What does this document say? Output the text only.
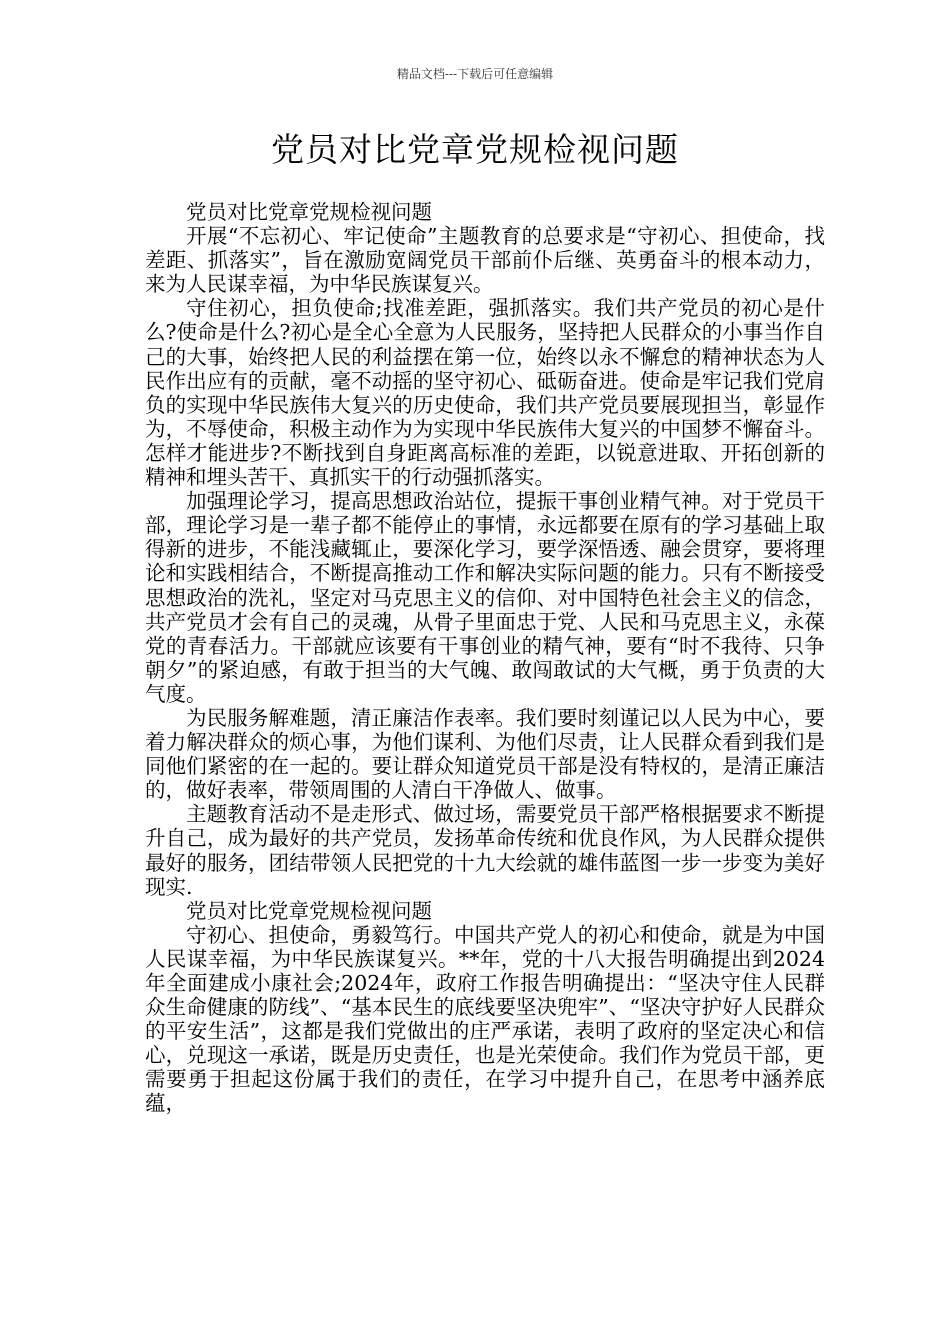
精品文档---下载后可任意编辑
党员对比党章党规检视问题

党员对比党章党规检视问题

开展“不忘初心、牢记使命”主题教育的总要求是“守初心、担使命，找差距、抓落实”，旨在激励宽阔党员干部前仆后继、英勇奋斗的根本动力，来为人民谋幸福，为中华民族谋复兴。

守住初心，担负使命;找准差距，强抓落实。我们共产党员的初心是什么?使命是什么?初心是全心全意为人民服务，坚持把人民群众的小事当作自己的大事，始终把人民的利益摆在第一位，始终以永不懈怠的精神状态为人民作出应有的贡献，毫不动摇的坚守初心、砥砺奋进。使命是牢记我们党肩负的实现中华民族伟大复兴的历史使命，我们共产党员要展现担当，彰显作为，不辱使命，积极主动作为为实现中华民族伟大复兴的中国梦不懈奋斗。怎样才能进步?不断找到自身距离高标准的差距，以锐意进取、开拓创新的精神和埋头苦干、真抓实干的行动强抓落实。

加强理论学习，提高思想政治站位，提振干事创业精气神。对于党员干部，理论学习是一辈子都不能停止的事情，永远都要在原有的学习基础上取得新的进步，不能浅藏辄止，要深化学习，要学深悟透、融会贯穿，要将理论和实践相结合，不断提高推动工作和解决实际问题的能力。只有不断接受思想政治的洗礼，坚定对马克思主义的信仰、对中国特色社会主义的信念，共产党员才会有自己的灵魂，从骨子里面忠于党、人民和马克思主义，永葆党的青春活力。干部就应该要有干事创业的精气神，要有“时不我待、只争朝夕”的紧迫感，有敢于担当的大气魄、敢闯敢试的大气概，勇于负责的大气度。

为民服务解难题，清正廉洁作表率。我们要时刻谨记以人民为中心，要着力解决群众的烦心事，为他们谋利、为他们尽责，让人民群众看到我们是同他们紧密的在一起的。要让群众知道党员干部是没有特权的，是清正廉洁的，做好表率，带领周围的人清白干净做人、做事。

主题教育活动不是走形式、做过场，需要党员干部严格根据要求不断提升自己，成为最好的共产党员，发扬革命传统和优良作风，为人民群众提供最好的服务，团结带领人民把党的十九大绘就的雄伟蓝图一步一步变为美好现实.

党员对比党章党规检视问题

守初心、担使命，勇毅笃行。中国共产党人的初心和使命，就是为中国人民谋幸福，为中华民族谋复兴。**年，党的十八大报告明确提出到2024年全面建成小康社会;2024年，政府工作报告明确提出：“坚决守住人民群众生命健康的防线”、“基本民生的底线要坚决兜牢”、“坚决守护好人民群众的平安生活”，这都是我们党做出的庄严承诺，表明了政府的坚定决心和信心，兑现这一承诺，既是历史责任，也是光荣使命。我们作为党员干部，更需要勇于担起这份属于我们的责任，在学习中提升自己，在思考中涵养底蕴，
